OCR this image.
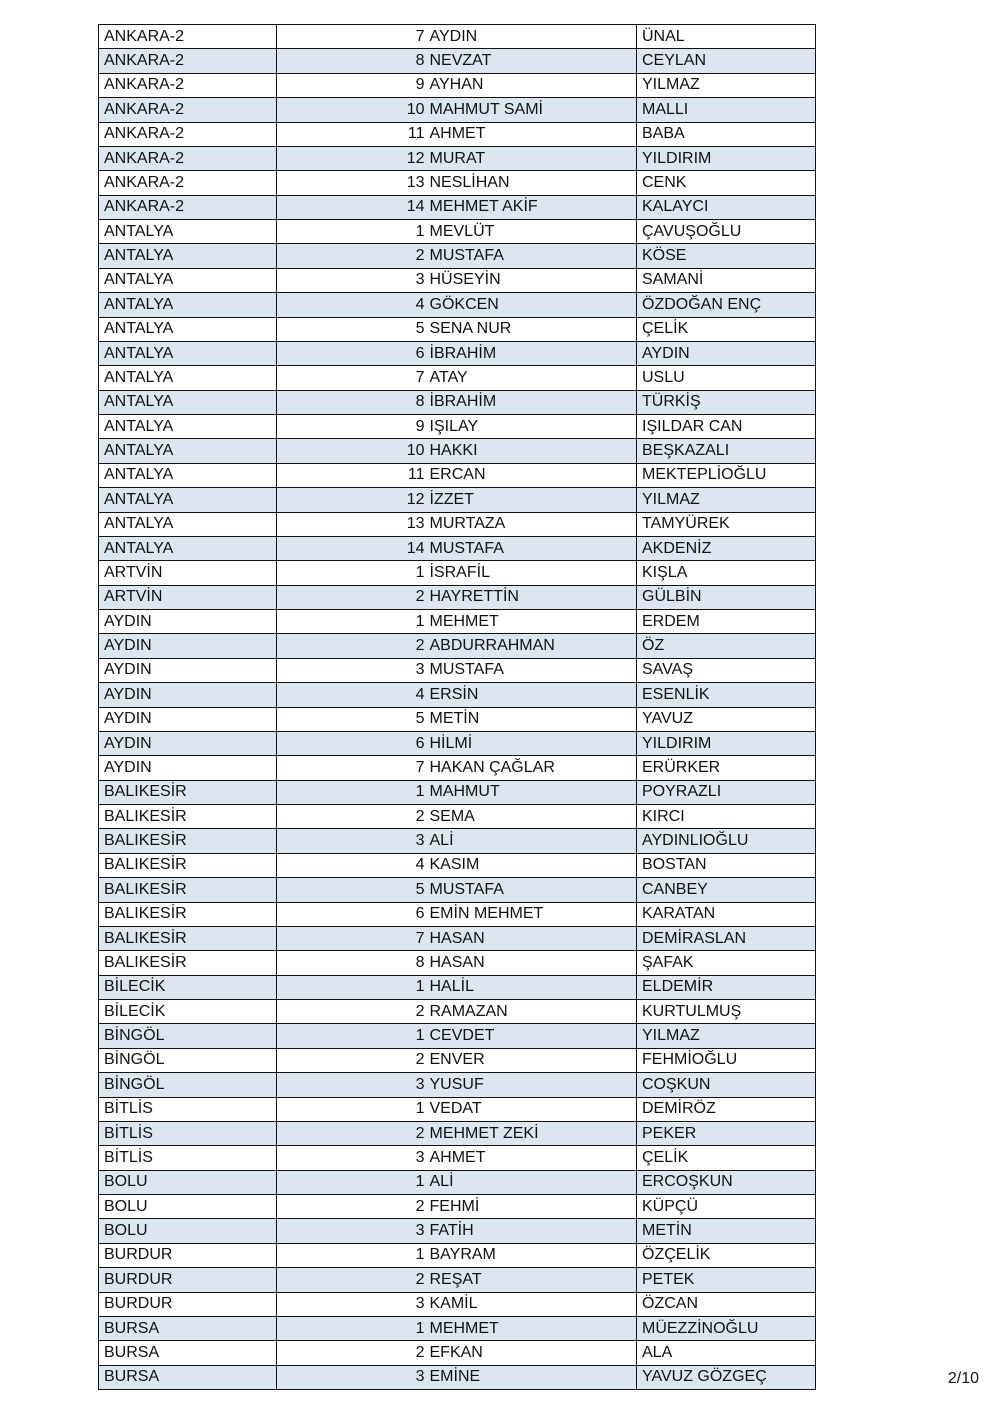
ANKARA-2	7	AYDIN	ÜNAL
ANKARA-2	8	NEVZAT	CEYLAN
ANKARA-2	9	AYHAN	YILMAZ
ANKARA-2	10	MAHMUT SAMİ	MALLI
ANKARA-2	11	AHMET	BABA
ANKARA-2	12	MURAT	YILDIRIM
ANKARA-2	13	NESLİHAN	CENK
ANKARA-2	14	MEHMET AKİF	KALAYCI
ANTALYA	1	MEVLÜT	ÇAVUŞOĞLU
ANTALYA	2	MUSTAFA	KÖSE
ANTALYA	3	HÜSEYİN	SAMANİ
ANTALYA	4	GÖKCEN	ÖZDOĞAN ENÇ
ANTALYA	5	SENA NUR	ÇELİK
ANTALYA	6	İBRAHİM	AYDIN
ANTALYA	7	ATAY	USLU
ANTALYA	8	İBRAHİM	TÜRKİŞ
ANTALYA	9	IŞILAY	IŞILDAR CAN
ANTALYA	10	HAKKI	BEŞKAZALI
ANTALYA	11	ERCAN	MEKTEPLİOĞLU
ANTALYA	12	İZZET	YILMAZ
ANTALYA	13	MURTAZA	TAMYÜREK
ANTALYA	14	MUSTAFA	AKDENİZ
ARTVİN	1	İSRAFİL	KIŞLA
ARTVİN	2	HAYRETTİN	GÜLBİN
AYDIN	1	MEHMET	ERDEM
AYDIN	2	ABDURRAHMAN	ÖZ
AYDIN	3	MUSTAFA	SAVAŞ
AYDIN	4	ERSİN	ESENLİK
AYDIN	5	METİN	YAVUZ
AYDIN	6	HİLMİ	YILDIRIM
AYDIN	7	HAKAN ÇAĞLAR	ERÜRKER
BALIKESİR	1	MAHMUT	POYRAZLI
BALIKESİR	2	SEMA	KIRCI
BALIKESİR	3	ALİ	AYDINLIOĞLU
BALIKESİR	4	KASIM	BOSTAN
BALIKESİR	5	MUSTAFA	CANBEY
BALIKESİR	6	EMİN MEHMET	KARATAN
BALIKESİR	7	HASAN	DEMİRASLAN
BALIKESİR	8	HASAN	ŞAFAK
BİLECİK	1	HALİL	ELDEMİR
BİLECİK	2	RAMAZAN	KURTULMUŞ
BİNGÖL	1	CEVDET	YILMAZ
BİNGÖL	2	ENVER	FEHMİOĞLU
BİNGÖL	3	YUSUF	COŞKUN
BİTLİS	1	VEDAT	DEMİRÖZ
BİTLİS	2	MEHMET ZEKİ	PEKER
BİTLİS	3	AHMET	ÇELİK
BOLU	1	ALİ	ERCOŞKUN
BOLU	2	FEHMİ	KÜPÇÜ
BOLU	3	FATİH	METİN
BURDUR	1	BAYRAM	ÖZÇELİK
BURDUR	2	REŞAT	PETEK
BURDUR	3	KAMİL	ÖZCAN
BURSA	1	MEHMET	MÜEZZİNOĞLU
BURSA	2	EFKAN	ALA
BURSA	3	EMİNE	YAVUZ GÖZGEÇ	2/10
